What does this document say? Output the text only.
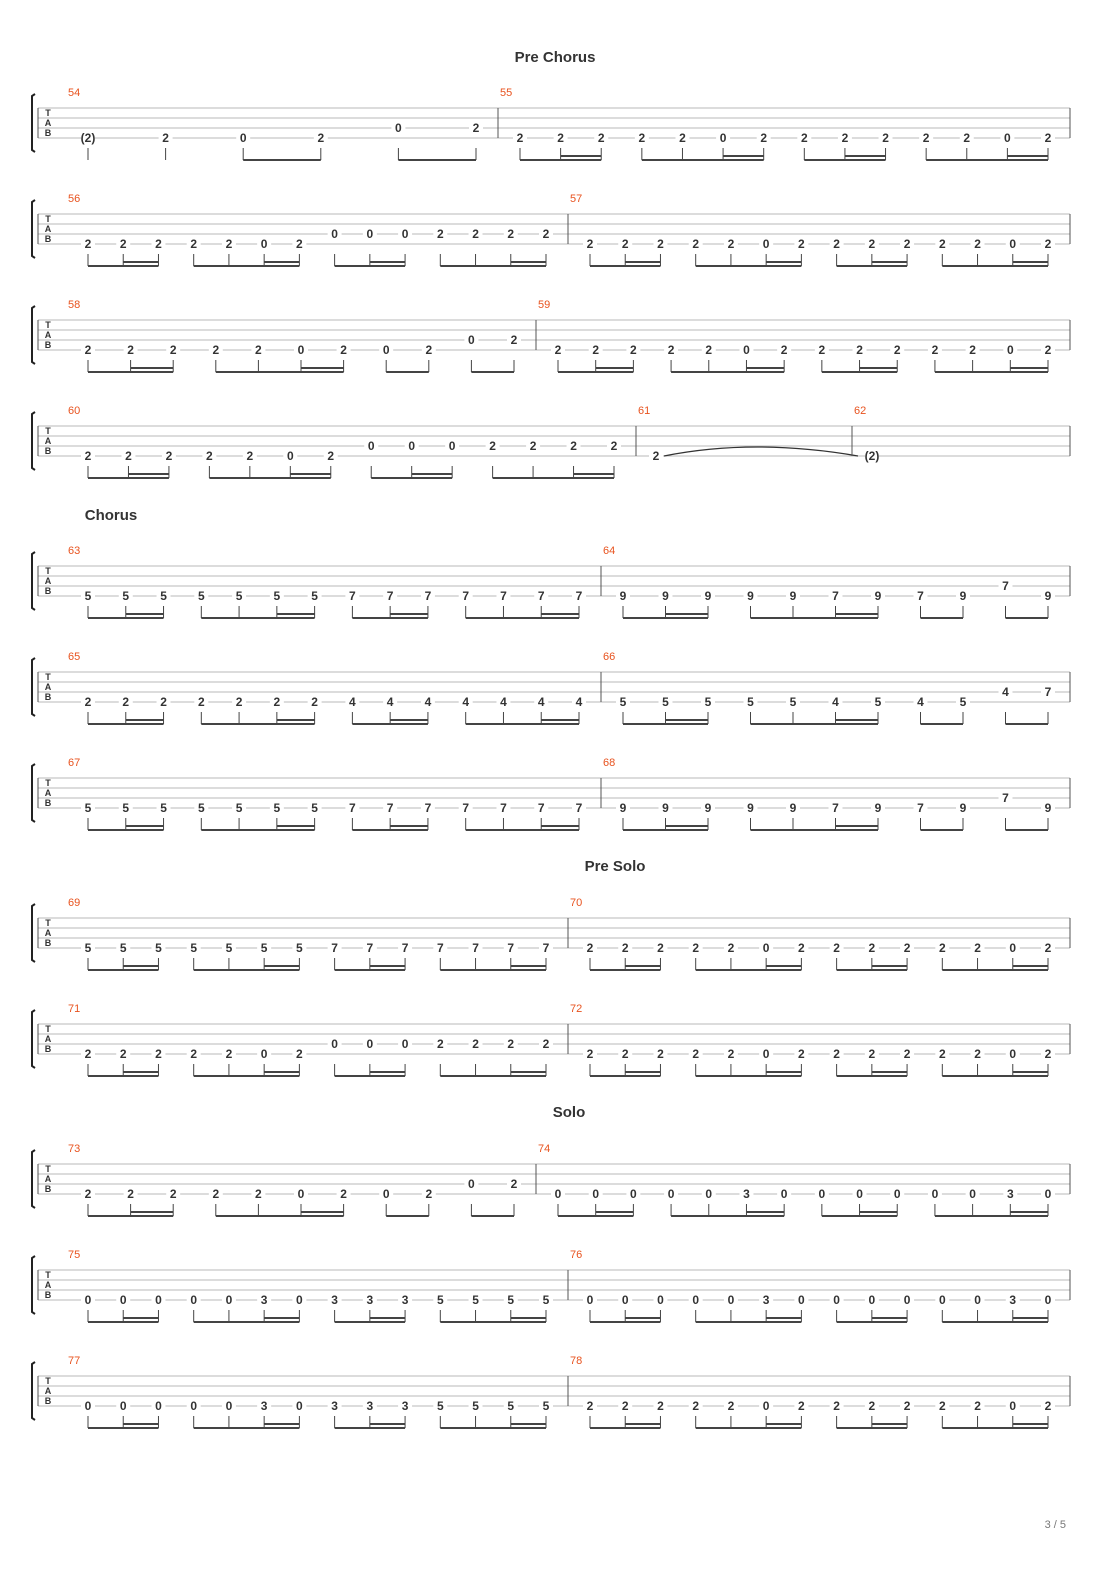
Pre Chorus
T
A
B
54
(2)	2	0	2
0	2
55
2	2	2	2	2	0	2	2	2	2	2	2	0	2
T
A
B
56
2 2 2 2 2 0 2
0 0 0 2 2 2 2
57
2 2 2 2 2 0 2 2 2 2 2 2 0 2
T
A
B
58
2	2	2	2	2	0	2	0	2
0	2
59
2	2	2	2	2	0	2	2	2	2	2	2	0	2
T
A
B
60
2	2	2	2	2	0	2
0	0	0	2	2	2	2
61
2
62
(2)
Chorus
T
A
B
63
5	5	5	5	5	5	5	7	7	7	7	7	7	7
64
9	9	9	9	9	7	9	7	9
7
9
T
A
B
65
2	2	2	2	2	2	2	4	4	4	4	4	4	4
66
5	5	5	5	5	4	5	4	5
4	7
T
A
B
67
5	5	5	5	5	5	5	7	7	7	7	7	7	7
68
9	9	9	9	9	7	9	7	9
7
9
Pre Solo
T
A
B
69
5 5 5 5 5 5 5 7 7 7 7 7 7 7
70
2 2 2 2 2 0 2 2 2 2 2 2 0 2
T
A
B
71
2 2 2 2 2 0 2
0 0 0 2 2 2 2
72
2 2 2 2 2 0 2 2 2 2 2 2 0 2
Solo
T
A
B
73
2	2	2	2	2	0	2	0	2
0	2
74
0	0	0	0	0	3	0	0	0	0	0	0	3	0
T
A
B
75
0 0 0 0 0 3 0 3 3 3 5 5 5 5
76
0 0 0 0 0 3 0 0 0 0 0 0 3 0
T
A
B
77
0 0 0 0 0 3 0 3 3 3 5 5 5 5
78
2 2 2 2 2 0 2 2 2 2 2 2 0 2
3 / 5
